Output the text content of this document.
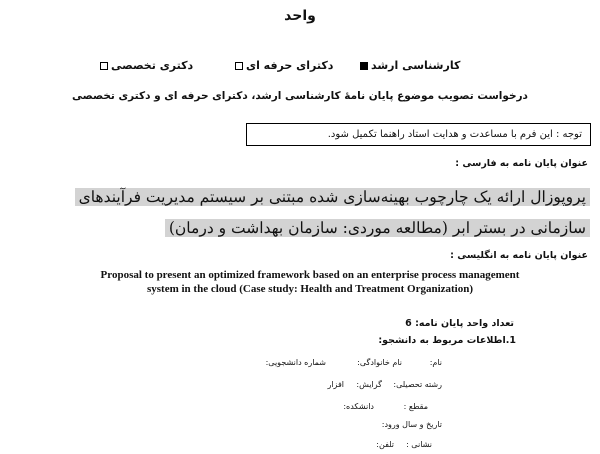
واحد
کارشناسی ارشد
دکترای حرفه ای
دکتری تخصصی
درخواست تصویب موضوع پایان نامۀ کارشناسی ارشد، دکترای حرفه ای و دکتری تخصصی
توجه : این فرم با مساعدت و هدایت استاد راهنما تکمیل شود.
عنوان پایان نامه به فارسی :
پروپوزال ارائه یک چارچوب بهینه‌سازی شده مبتنی بر سیستم مدیریت فرآیندهای
سازمانی در بستر ابر (مطالعه موردی: سازمان بهداشت و درمان)
عنوان پایان نامه به انگلیسی :
Proposal to present an optimized framework based on an enterprise process management
system in the cloud (Case study: Health and Treatment Organization)
تعداد واحد پایان نامه: 6
1.اطلاعات مربوط به دانشجو:
نام:
نام خانوادگی:
شماره دانشجویی:
رشته تحصیلی:
گرایش:
افزار
مقطع :
دانشکده:
تاریخ و سال ورود:
نشانی :
تلفن:
